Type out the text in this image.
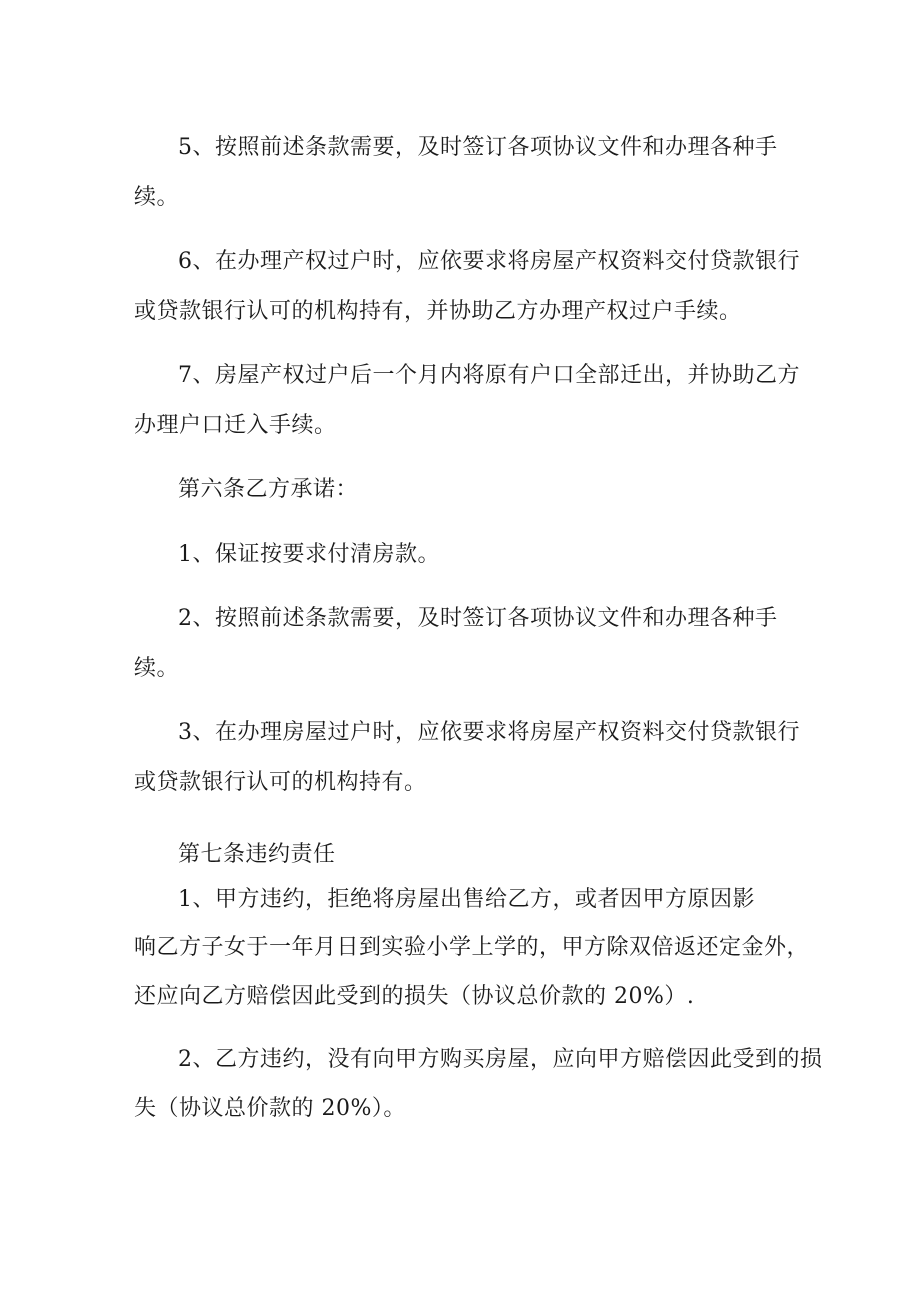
5、按照前述条款需要，及时签订各项协议文件和办理各种手
续。
6、在办理产权过户时，应依要求将房屋产权资料交付贷款银行
或贷款银行认可的机构持有，并协助乙方办理产权过户手续。
7、房屋产权过户后一个月内将原有户口全部迁出，并协助乙方
办理户口迁入手续。
第六条乙方承诺：
1、保证按要求付清房款。
2、按照前述条款需要，及时签订各项协议文件和办理各种手
续。
3、在办理房屋过户时，应依要求将房屋产权资料交付贷款银行
或贷款银行认可的机构持有。
第七条违约责任
1、甲方违约，拒绝将房屋出售给乙方，或者因甲方原因影
响乙方子女于一年月日到实验小学上学的，甲方除双倍返还定金外，
还应向乙方赔偿因此受到的损失（协议总价款的 20%）.
2、乙方违约，没有向甲方购买房屋，应向甲方赔偿因此受到的损
失（协议总价款的 20%）。
